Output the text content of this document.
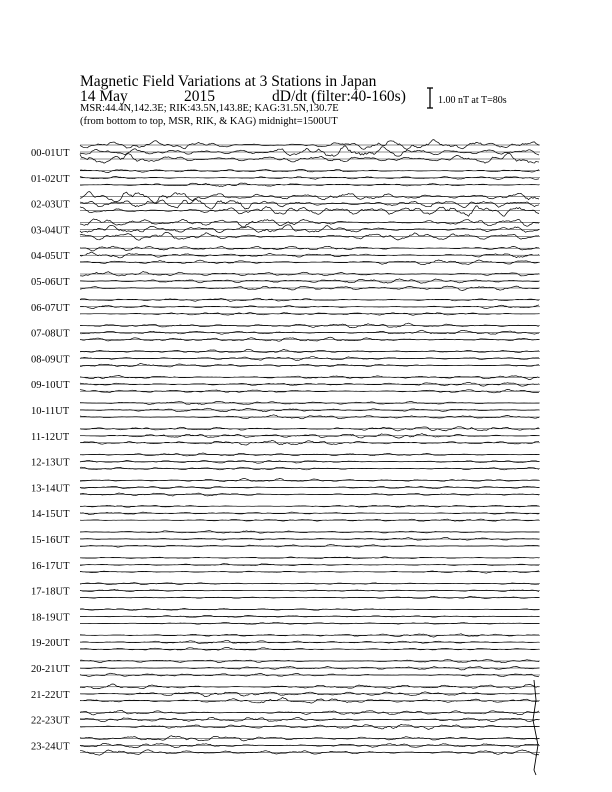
Magnetic Field Variations at 3 Stations in Japan
14 May	2015	dD/dt (filter:40-160s)
MSR:44.4N,142.3E; RIK:43.5N,143.8E; KAG:31.5N,130.7E
(from bottom to top, MSR, RIK, & KAG) midnight=1500UT
1.00 nT at T=80s
00-01UT
01-02UT
02-03UT
03-04UT
04-05UT
05-06UT
06-07UT
07-08UT
08-09UT
09-10UT
10-11UT
11-12UT
12-13UT
13-14UT
14-15UT
15-16UT
16-17UT
17-18UT
18-19UT
19-20UT
20-21UT
21-22UT
22-23UT
23-24UT
